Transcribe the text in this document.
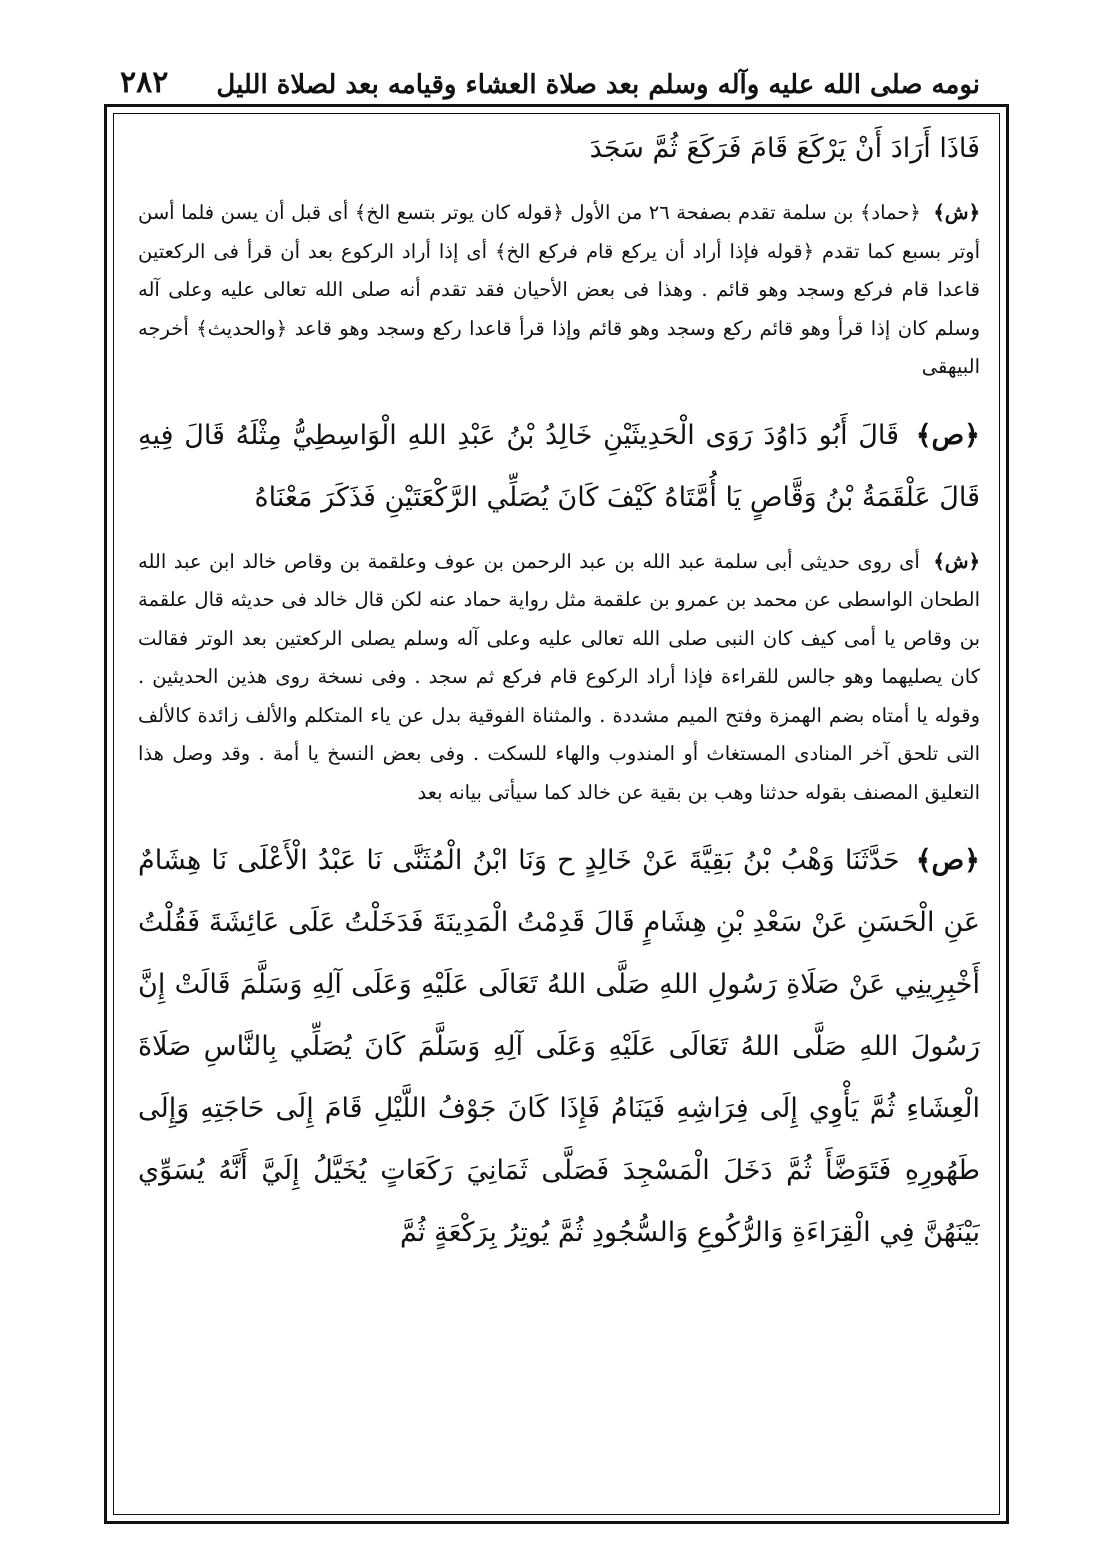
٢٨٢ نومه صلى الله عليه وآله وسلم بعد صلاة العشاء وقيامه بعد لصلاة الليل

فَاذَا أَرَادَ أَنْ يَرْكَعَ قَامَ فَرَكَعَ ثُمَّ سَجَدَ

﴿ش﴾ ﴿حماد﴾ بن سلمة تقدم بصفحة ٢٦ من الأول ﴿قوله كان يوتر بتسع الخ﴾ أى قبل أن يسن فلما أسن أوتر بسبع كما تقدم ﴿قوله فإذا أراد أن يركع قام فركع الخ﴾ أى إذا أراد الركوع بعد أن قرأ فى الركعتين قاعدا قام فركع وسجد وهو قائم . وهذا فى بعض الأحيان فقد تقدم أنه صلى الله تعالى عليه وعلى آله وسلم كان إذا قرأ وهو قائم ركع وسجد وهو قائم وإذا قرأ قاعدا ركع وسجد وهو قاعد ﴿والحديث﴾ أخرجه البيهقى

﴿ص﴾ قَالَ أَبُو دَاوُدَ رَوَى الْحَدِيثَيْنِ خَالِدُ بْنُ عَبْدِ اللهِ الْوَاسِطِيُّ مِثْلَهُ قَالَ فِيهِ قَالَ عَلْقَمَةُ بْنُ وَقَّاصٍ يَا أُمَّتَاهُ كَيْفَ كَانَ يُصَلِّي الرَّكْعَتَيْنِ فَذَكَرَ مَعْنَاهُ

﴿ش﴾ أى روى حديثى أبى سلمة عبد الله بن عبد الرحمن بن عوف وعلقمة بن وقاص خالد ابن عبد الله الطحان الواسطى عن محمد بن عمرو بن علقمة مثل رواية حماد عنه لكن قال خالد فى حديثه قال علقمة بن وقاص يا أمى كيف كان النبى صلى الله تعالى عليه وعلى آله وسلم يصلى الركعتين بعد الوتر فقالت كان يصليهما وهو جالس للقراءة فإذا أراد الركوع قام فركع ثم سجد . وفى نسخة روى هذين الحديثين . وقوله يا أمتاه بضم الهمزة وفتح الميم مشددة . والمثناة الفوقية بدل عن ياء المتكلم والألف زائدة كالألف التى تلحق آخر المنادى المستغاث أو المندوب والهاء للسكت . وفى بعض النسخ يا أمة . وقد وصل هذا التعليق المصنف بقوله حدثنا وهب بن بقية عن خالد كما سيأتى بيانه بعد

﴿ص﴾ حَدَّثَنَا وَهْبُ بْنُ بَقِيَّةَ عَنْ خَالِدٍ ح وَنَا ابْنُ الْمُثَنَّى نَا عَبْدُ الْأَعْلَى نَا هِشَامٌ عَنِ الْحَسَنِ عَنْ سَعْدِ بْنِ هِشَامٍ قَالَ قَدِمْتُ الْمَدِينَةَ فَدَخَلْتُ عَلَى عَائِشَةَ فَقُلْتُ أَخْبِرِينِي عَنْ صَلَاةِ رَسُولِ اللهِ صَلَّى اللهُ تَعَالَى عَلَيْهِ وَعَلَى آلِهِ وَسَلَّمَ قَالَتْ إِنَّ رَسُولَ اللهِ صَلَّى اللهُ تَعَالَى عَلَيْهِ وَعَلَى آلِهِ وَسَلَّمَ كَانَ يُصَلِّي بِالنَّاسِ صَلَاةَ الْعِشَاءِ ثُمَّ يَأْوِي إِلَى فِرَاشِهِ فَيَنَامُ فَإِذَا كَانَ جَوْفُ اللَّيْلِ قَامَ إِلَى حَاجَتِهِ وَإِلَى طَهُورِهِ فَتَوَضَّأَ ثُمَّ دَخَلَ الْمَسْجِدَ فَصَلَّى ثَمَانِيَ رَكَعَاتٍ يُخَيَّلُ إِلَيَّ أَنَّهُ يُسَوِّي بَيْنَهُنَّ فِي الْقِرَاءَةِ وَالرُّكُوعِ وَالسُّجُودِ ثُمَّ يُوتِرُ بِرَكْعَةٍ ثُمَّ
